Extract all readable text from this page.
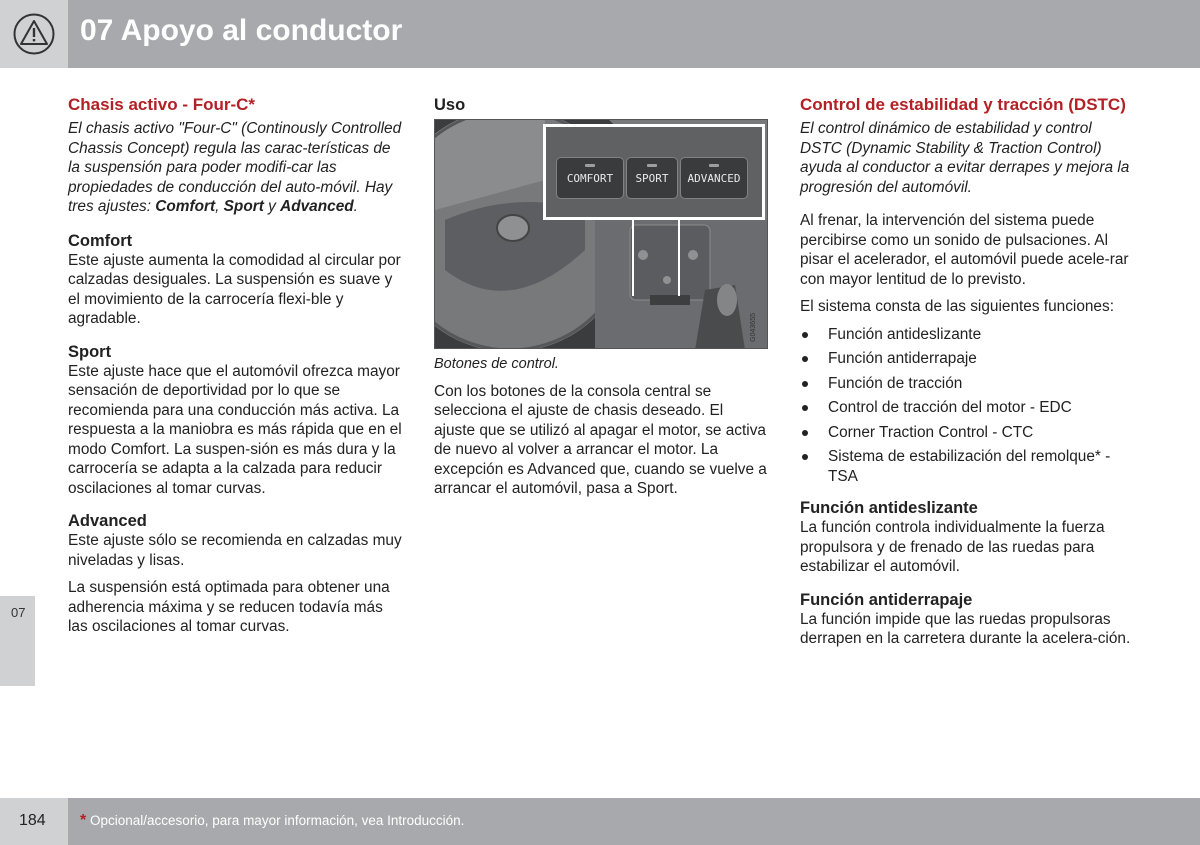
07 Apoyo al conductor
07
Chasis activo - Four-C*

El chasis activo "Four-C" (Continously Controlled Chassis Concept) regula las carac-terísticas de la suspensión para poder modifi-car las propiedades de conducción del auto-móvil. Hay tres ajustes: Comfort, Sport y Advanced.

Comfort

Este ajuste aumenta la comodidad al circular por calzadas desiguales. La suspensión es suave y el movimiento de la carrocería flexi-ble y agradable.

Sport

Este ajuste hace que el automóvil ofrezca mayor sensación de deportividad por lo que se recomienda para una conducción más activa. La respuesta a la maniobra es más rápida que en el modo Comfort. La suspen-sión es más dura y la carrocería se adapta a la calzada para reducir oscilaciones al tomar curvas.

Advanced

Este ajuste sólo se recomienda en calzadas muy niveladas y lisas.

La suspensión está optimada para obtener una adherencia máxima y se reducen todavía más las oscilaciones al tomar curvas.

Uso
COMFORT	SPORT	ADVANCED
G043655

Botones de control.

Con los botones de la consola central se selecciona el ajuste de chasis deseado. El ajuste que se utilizó al apagar el motor, se activa de nuevo al volver a arrancar el motor. La excepción es Advanced que, cuando se vuelve a arrancar el automóvil, pasa a Sport.

Control de estabilidad y tracción (DSTC)

El control dinámico de estabilidad y control DSTC (Dynamic Stability & Traction Control) ayuda al conductor a evitar derrapes y mejora la progresión del automóvil.

Al frenar, la intervención del sistema puede percibirse como un sonido de pulsaciones. Al pisar el acelerador, el automóvil puede acele-rar con mayor lentitud de lo previsto.

El sistema consta de las siguientes funciones:

Función antideslizante
Función antiderrapaje
Función de tracción
Control de tracción del motor - EDC
Corner Traction Control - CTC
Sistema de estabilización del remolque* - TSA
Función antideslizante

La función controla individualmente la fuerza propulsora y de frenado de las ruedas para estabilizar el automóvil.

Función antiderrapaje

La función impide que las ruedas propulsoras derrapen en la carretera durante la acelera-ción.

184 * Opcional/accesorio, para mayor información, vea Introducción.
